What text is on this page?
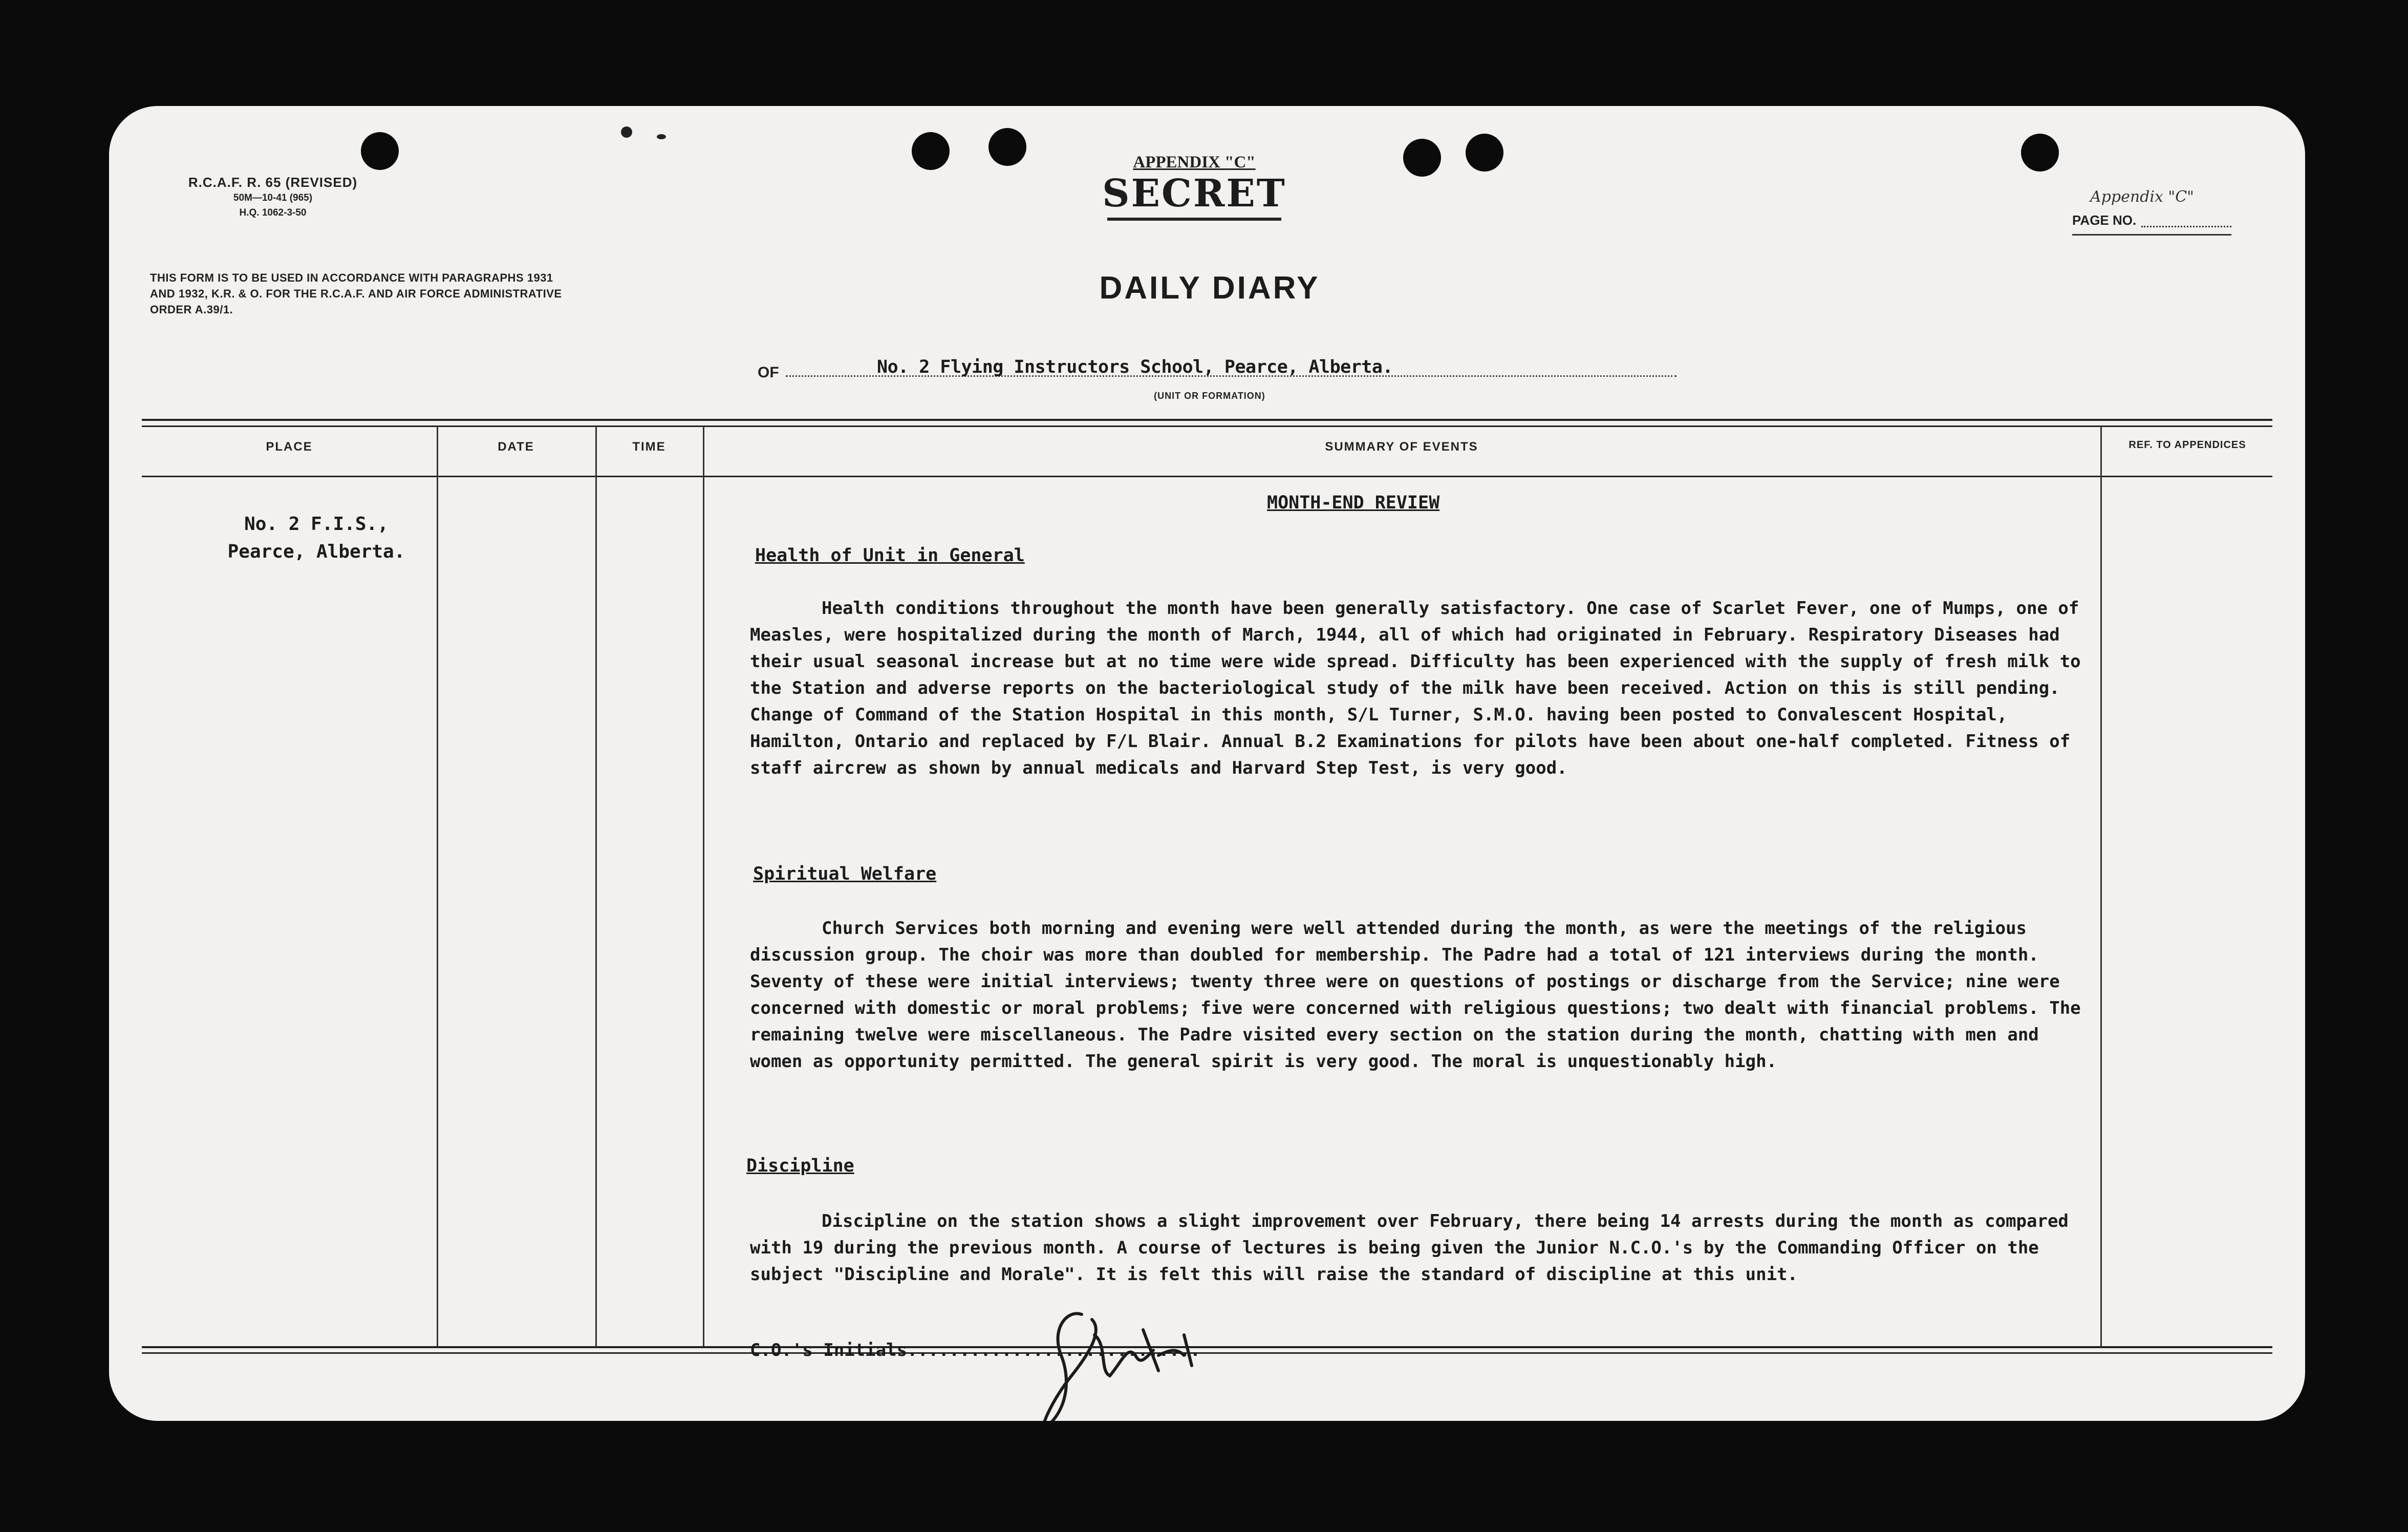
R.C.A.F. R. 65 (REVISED)
50M—10-41 (965)
H.Q. 1062-3-50
THIS FORM IS TO BE USED IN ACCORDANCE WITH PARAGRAPHS 1931 AND 1932, K.R. & O. FOR THE R.C.A.F. AND AIR FORCE ADMINISTRATIVE ORDER A.39/1.
APPENDIX "C"
SECRET	Appendix "C"
PAGE NO.
DAILY DIARY
OF	No. 2 Flying Instructors School, Pearce, Alberta.
(UNIT OR FORMATION)
PLACE	DATE	TIME	SUMMARY OF EVENTS	REF. TO APPENDICES
No. 2 F.I.S.,
Pearce, Alberta.
MONTH-END REVIEW
Health of Unit in General
Health conditions throughout the month have been generally satisfactory. One case of Scarlet Fever, one of Mumps, one of Measles, were hospitalized during the month of March, 1944, all of which had originated in February. Respiratory Diseases had their usual seasonal increase but at no time were wide spread. Difficulty has been experienced with the supply of fresh milk to the Station and adverse reports on the bacteriological study of the milk have been received. Action on this is still pending. Change of Command of the Station Hospital in this month, S/L Turner, S.M.O. having been posted to Convalescent Hospital, Hamilton, Ontario and replaced by F/L Blair. Annual B.2 Examinations for pilots have been about one-half completed. Fitness of staff aircrew as shown by annual medicals and Harvard Step Test, is very good.
Spiritual Welfare
Church Services both morning and evening were well attended during the month, as were the meetings of the religious discussion group. The choir was more than doubled for membership. The Padre had a total of 121 interviews during the month. Seventy of these were initial interviews; twenty three were on questions of postings or discharge from the Service; nine were concerned with domestic or moral problems; five were concerned with religious questions; two dealt with financial problems. The remaining twelve were miscellaneous. The Padre visited every section on the station during the month, chatting with men and women as opportunity permitted. The general spirit is very good. The moral is unquestionably high.
Discipline
Discipline on the station shows a slight improvement over February, there being 14 arrests during the month as compared with 19 during the previous month. A course of lectures is being given the Junior N.C.O.'s by the Commanding Officer on the subject "Discipline and Morale". It is felt this will raise the standard of discipline at this unit.
C.O.'s Initials............................
